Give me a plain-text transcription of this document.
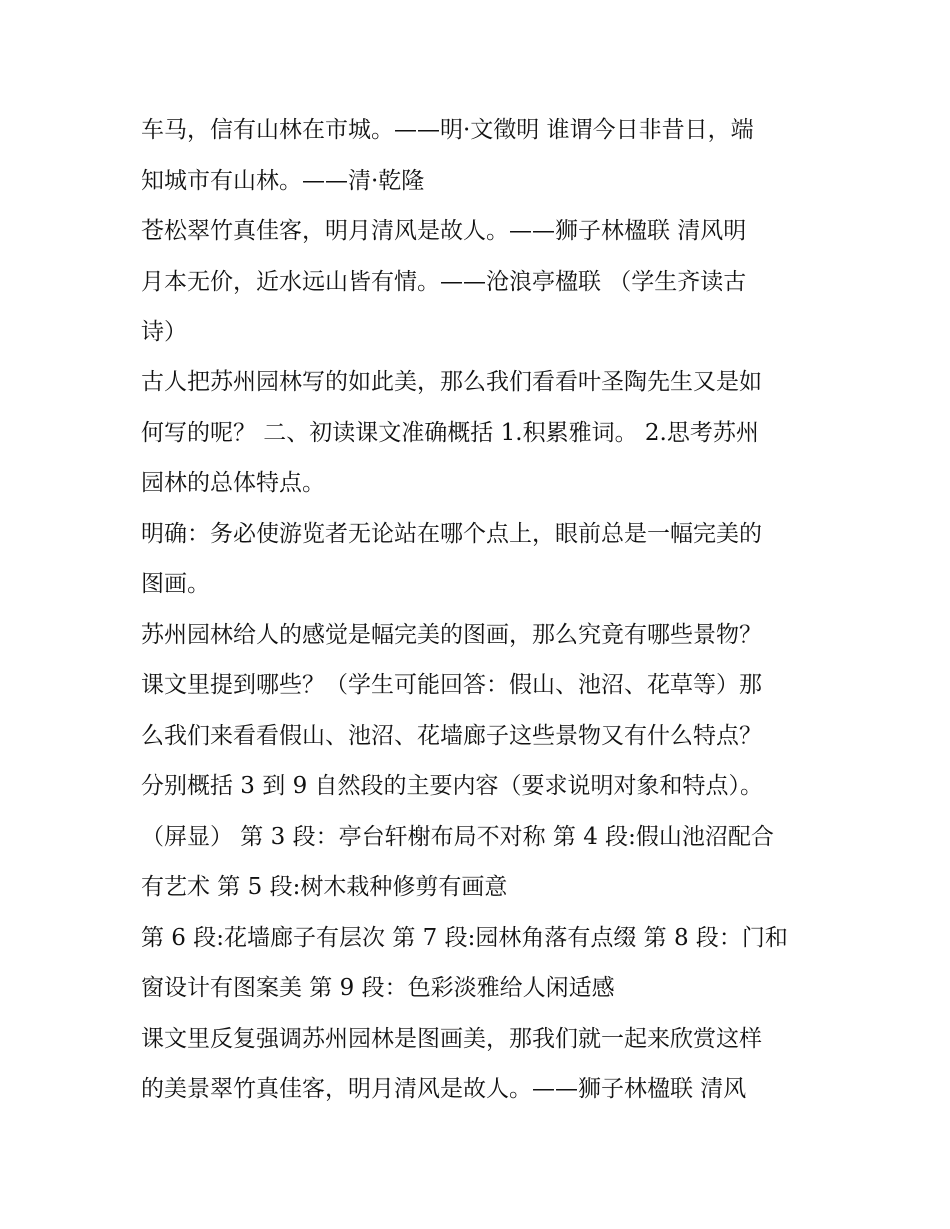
车马，信有山林在市城。——明·文徵明 谁谓今日非昔日，端
知城市有山林。——清·乾隆
苍松翠竹真佳客，明月清风是故人。——狮子林楹联 清风明
月本无价，近水远山皆有情。——沧浪亭楹联 （学生齐读古
诗）
古人把苏州园林写的如此美，那么我们看看叶圣陶先生又是如
何写的呢？ 二、初读课文准确概括 1.积累雅词。 2.思考苏州
园林的总体特点。
明确：务必使游览者无论站在哪个点上，眼前总是一幅完美的
图画。
苏州园林给人的感觉是幅完美的图画，那么究竟有哪些景物？
课文里提到哪些？（学生可能回答：假山、池沼、花草等）那
么我们来看看假山、池沼、花墙廊子这些景物又有什么特点？
分别概括 3 到 9 自然段的主要内容（要求说明对象和特点）。
（屏显） 第 3 段：亭台轩榭布局不对称 第 4 段:假山池沼配合
有艺术 第 5 段:树木栽种修剪有画意
第 6 段:花墙廊子有层次 第 7 段:园林角落有点缀 第 8 段：门和
窗设计有图案美 第 9 段：色彩淡雅给人闲适感
课文里反复强调苏州园林是图画美，那我们就一起来欣赏这样
的美景翠竹真佳客，明月清风是故人。——狮子林楹联 清风
